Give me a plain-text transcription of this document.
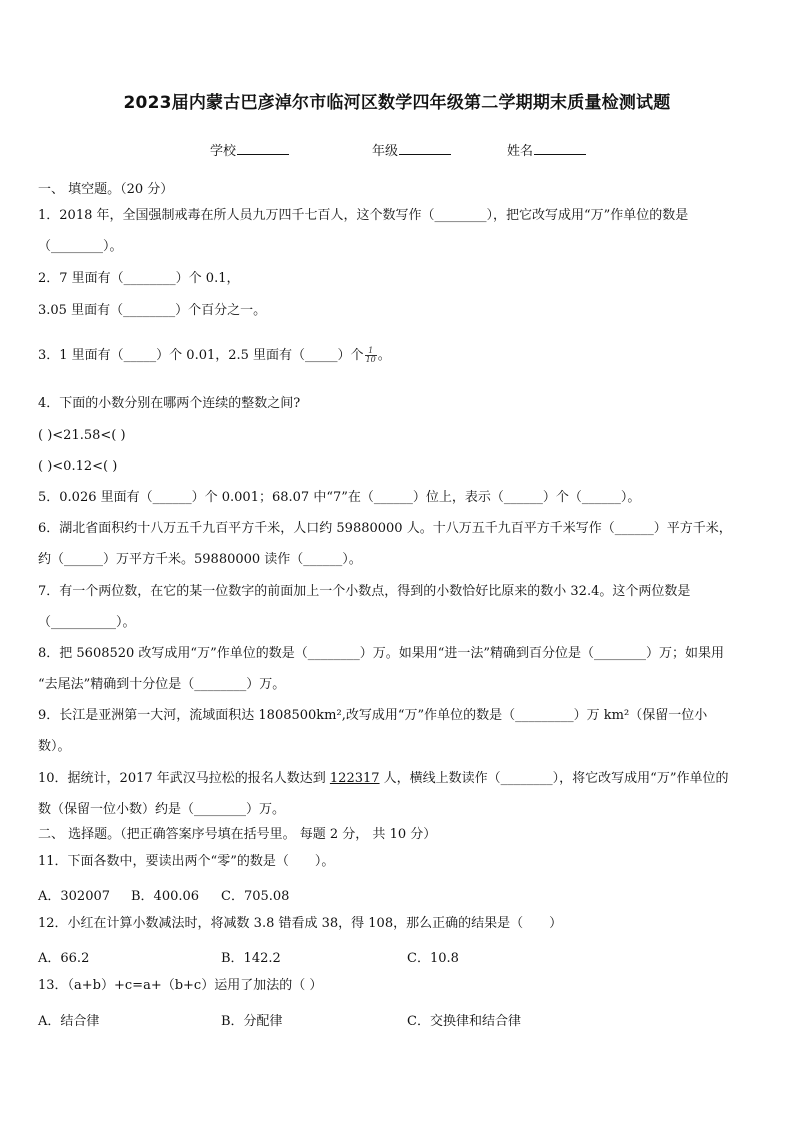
2023届内蒙古巴彦淖尔市临河区数学四年级第二学期期末质量检测试题
学校	年级	姓名
一、 填空题。（20 分）
1．2018 年，全国强制戒毒在所人员九万四千七百人，这个数写作（________），把它改写成用“万”作单位的数是
（________）。
2．7 里面有（________）个 0.1，
3.05 里面有（________）个百分之一。
3．1 里面有（_____）个 0.01，2.5 里面有（_____）个 $\frac{1}{10}$ 。
4．下面的小数分别在哪两个连续的整数之间?
( )<21.58<( )
( )<0.12<( )
5．0.026 里面有（______）个 0.001；68.07 中“7”在（______）位上，表示（______）个（______）。
6．湖北省面积约十八万五千九百平方千米，人口约 59880000 人。十八万五千九百平方千米写作（______）平方千米，
约（______）万平方千米。59880000 读作（______）。
7．有一个两位数，在它的某一位数字的前面加上一个小数点，得到的小数恰好比原来的数小 32.4。这个两位数是
（__________）。
8．把 5608520 改写成用“万”作单位的数是（________）万。如果用“进一法”精确到百分位是（________）万；如果用
“去尾法”精确到十分位是（________）万。
9．长江是亚洲第一大河，流域面积达 1808500km²,改写成用“万”作单位的数是（_________）万 km²（保留一位小
数）。
10．据统计，2017 年武汉马拉松的报名人数达到 122317 人，横线上数读作（________），将它改写成用“万”作单位的
数（保留一位小数）约是（________）万。
二、 选择题。（把正确答案序号填在括号里。 每题 2 分， 共 10 分）
11．下面各数中，要读出两个“零”的数是（　　）。
A．302007 B．400.06 C．705.08
12．小红在计算小数减法时，将减数 3.8 错看成 38，得 108，那么正确的结果是（　　）
A．66.2	B．142.2	C．10.8
13．（a+b）+c=a+（b+c）运用了加法的（ ）
A．结合律	B．分配律	C．交换律和结合律
